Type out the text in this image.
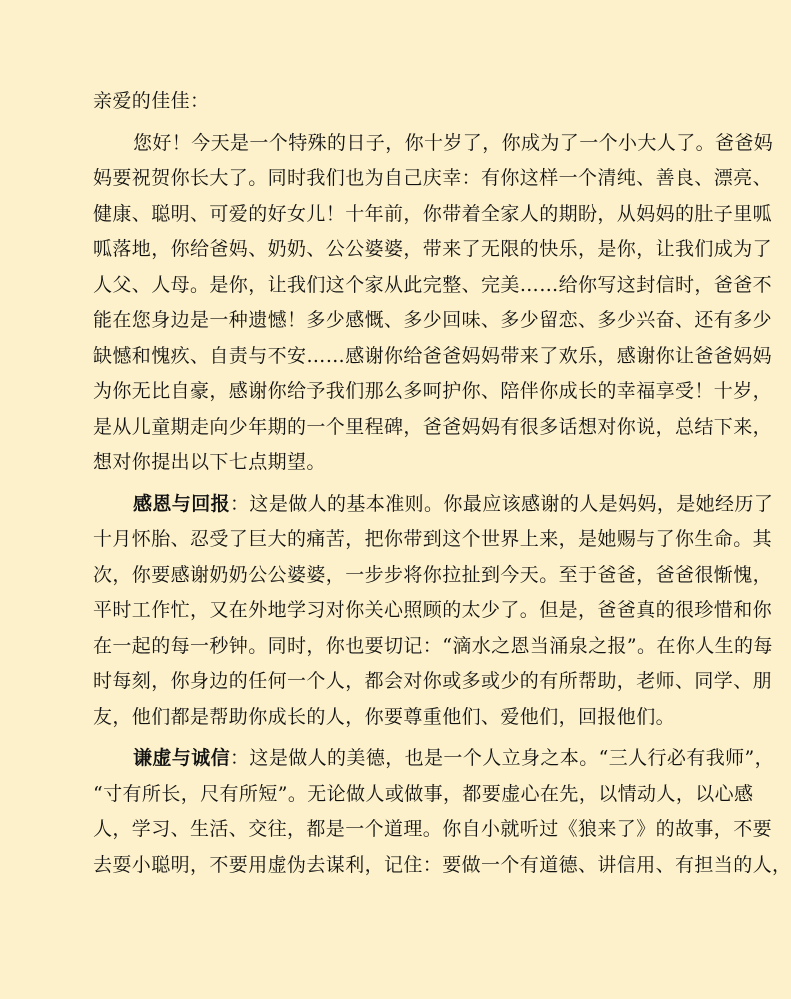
亲爱的佳佳：
您好！今天是一个特殊的日子，你十岁了，你成为了一个小大人了。爸爸妈
妈要祝贺你长大了。同时我们也为自己庆幸：有你这样一个清纯、善良、漂亮、
健康、聪明、可爱的好女儿！十年前，你带着全家人的期盼，从妈妈的肚子里呱
呱落地，你给爸妈、奶奶、公公婆婆，带来了无限的快乐，是你，让我们成为了
人父、人母。是你，让我们这个家从此完整、完美……给你写这封信时，爸爸不
能在您身边是一种遗憾！多少感慨、多少回味、多少留恋、多少兴奋、还有多少
缺憾和愧疚、自责与不安……感谢你给爸爸妈妈带来了欢乐，感谢你让爸爸妈妈
为你无比自豪，感谢你给予我们那么多呵护你、陪伴你成长的幸福享受！十岁，
是从儿童期走向少年期的一个里程碑，爸爸妈妈有很多话想对你说，总结下来，
想对你提出以下七点期望。
感恩与回报：这是做人的基本准则。你最应该感谢的人是妈妈，是她经历了
十月怀胎、忍受了巨大的痛苦，把你带到这个世界上来，是她赐与了你生命。其
次，你要感谢奶奶公公婆婆，一步步将你拉扯到今天。至于爸爸，爸爸很惭愧，
平时工作忙，又在外地学习对你关心照顾的太少了。但是，爸爸真的很珍惜和你
在一起的每一秒钟。同时，你也要切记：“滴水之恩当涌泉之报”。在你人生的每
时每刻，你身边的任何一个人，都会对你或多或少的有所帮助，老师、同学、朋
友，他们都是帮助你成长的人，你要尊重他们、爱他们，回报他们。
谦虚与诚信：这是做人的美德，也是一个人立身之本。“三人行必有我师”，
“寸有所长，尺有所短”。无论做人或做事，都要虚心在先，以情动人，以心感
人，学习、生活、交往，都是一个道理。你自小就听过《狼来了》的故事，不要
去耍小聪明，不要用虚伪去谋利，记住：要做一个有道德、讲信用、有担当的人，
